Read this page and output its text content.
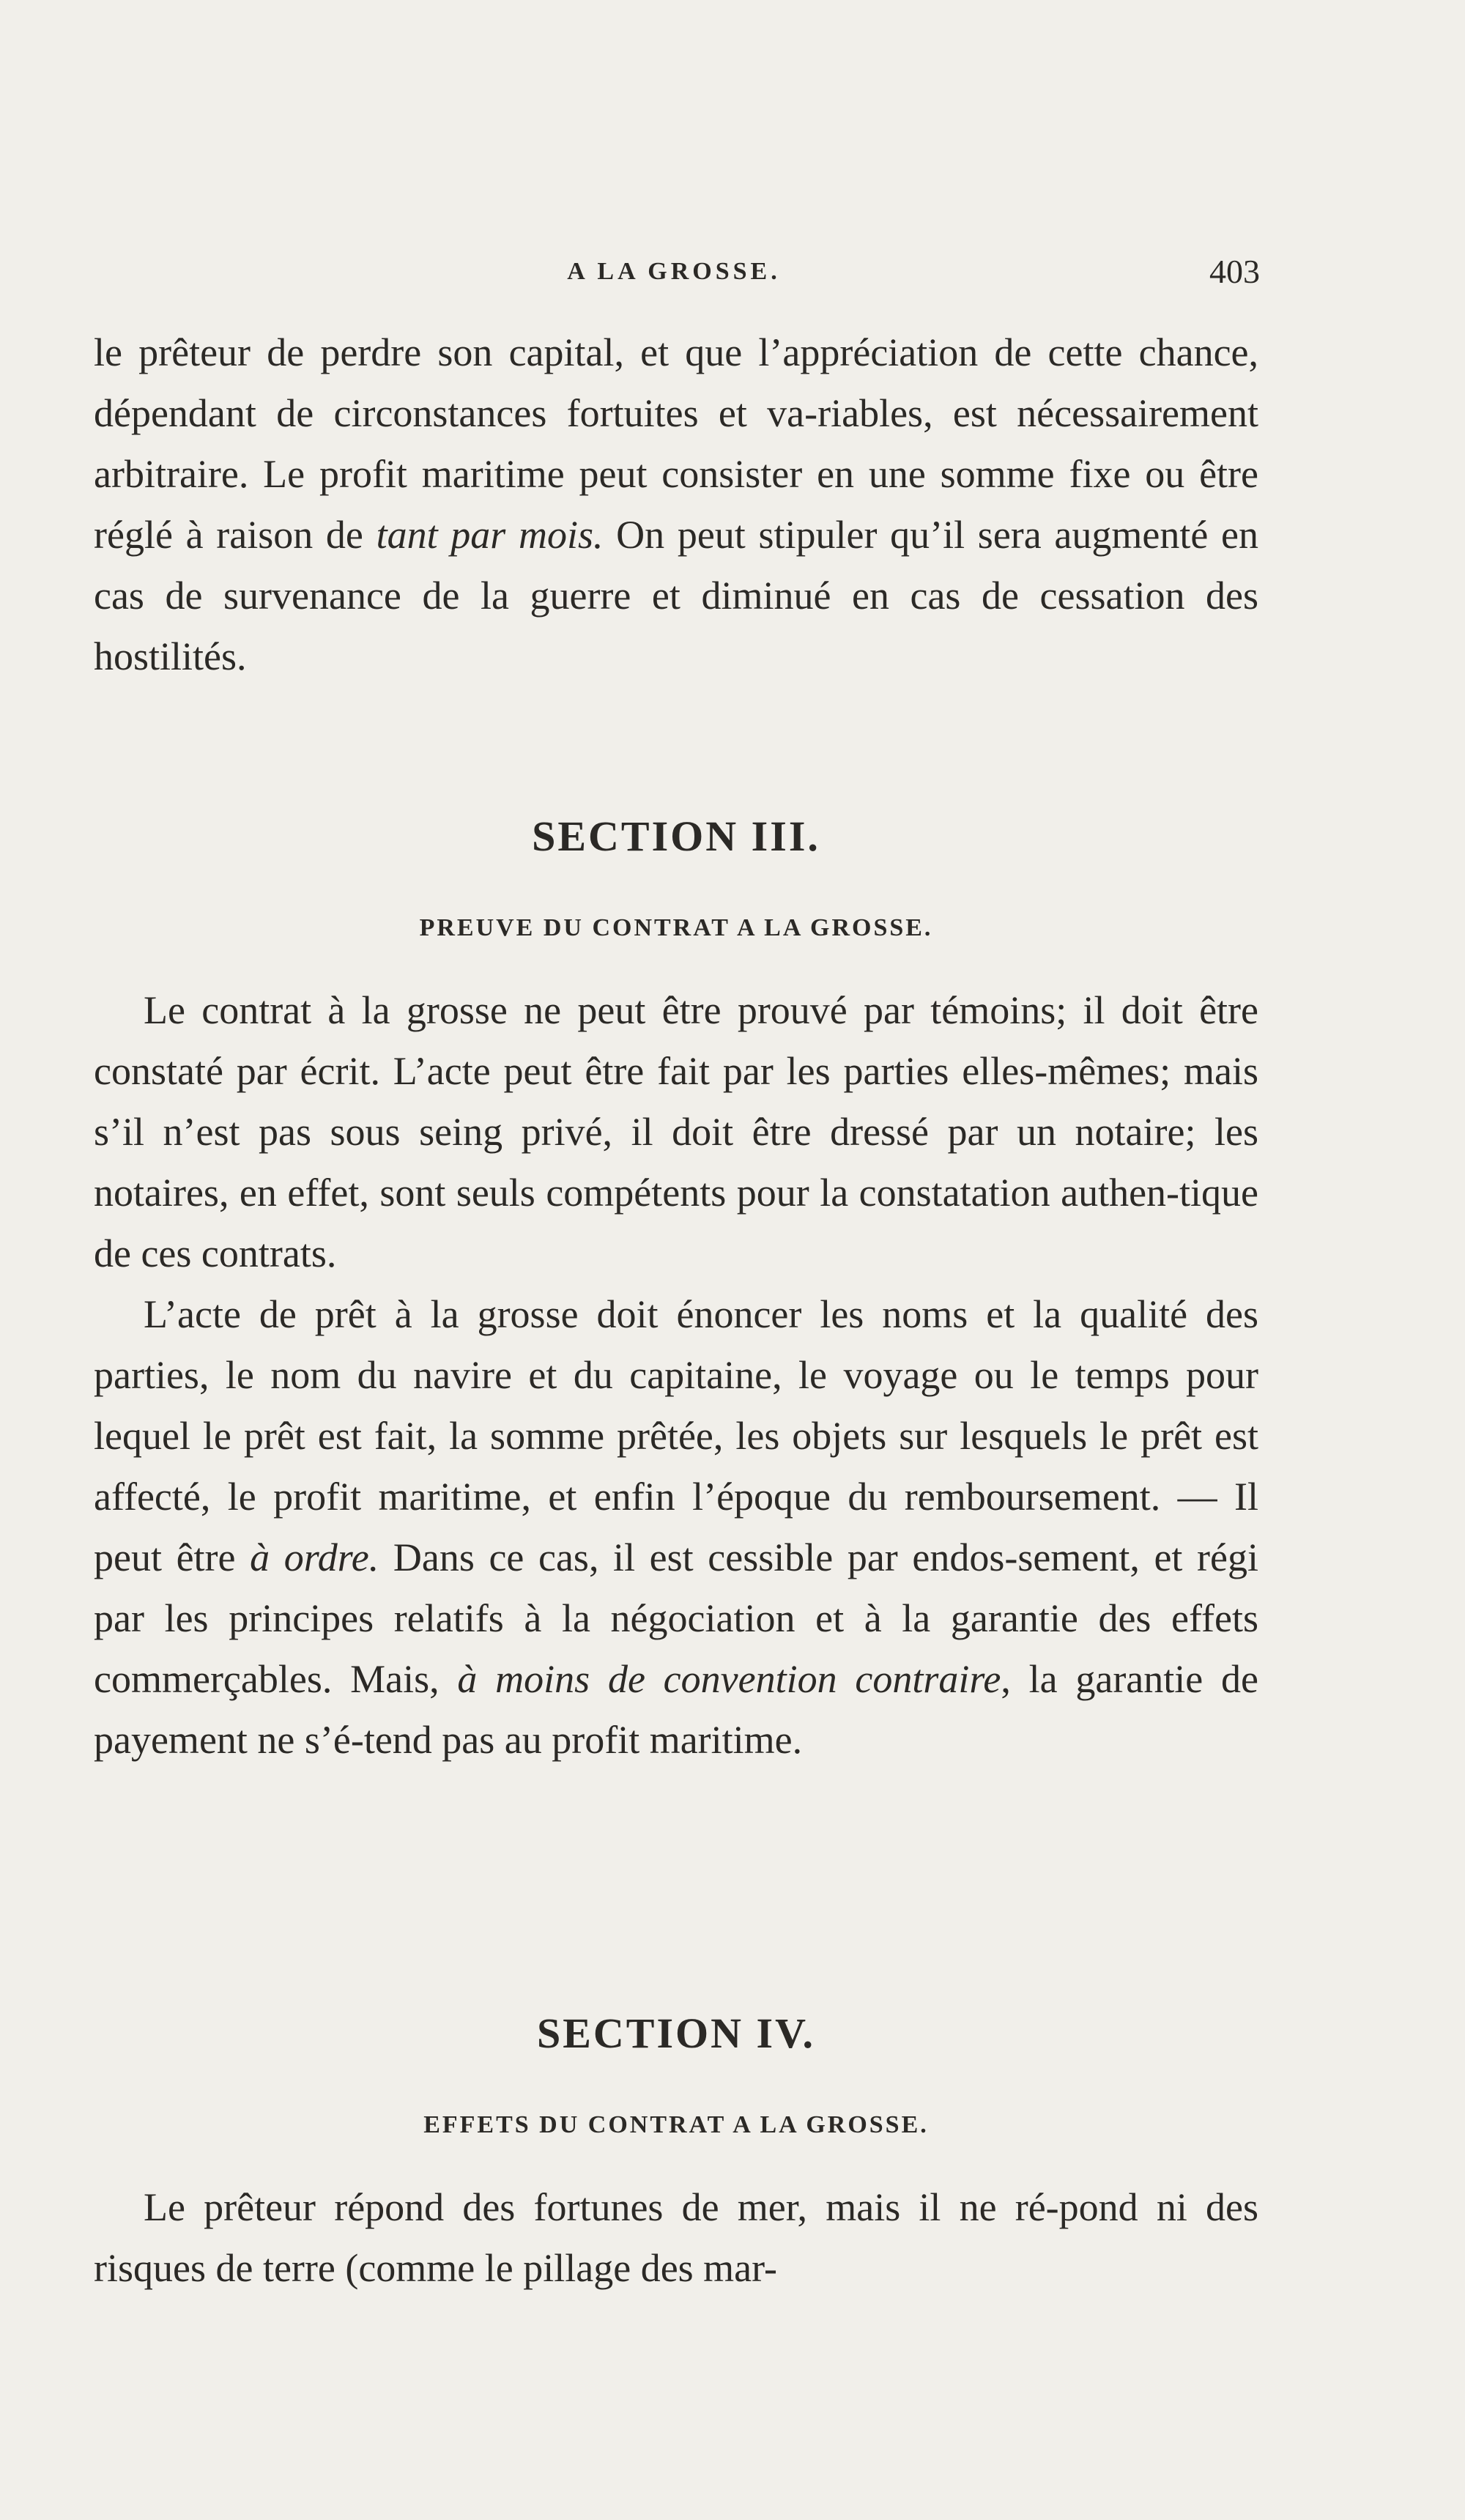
A LA GROSSE.	403

le prêteur de perdre son capital, et que l’appréciation de cette chance, dépendant de circonstances fortuites et va-riables, est nécessairement arbitraire. Le profit maritime peut consister en une somme fixe ou être réglé à raison de tant par mois. On peut stipuler qu’il sera augmenté en cas de survenance de la guerre et diminué en cas de cessation des hostilités.

SECTION III.
PREUVE DU CONTRAT A LA GROSSE.

Le contrat à la grosse ne peut être prouvé par témoins; il doit être constaté par écrit. L’acte peut être fait par les parties elles-mêmes; mais s’il n’est pas sous seing privé, il doit être dressé par un notaire; les notaires, en effet, sont seuls compétents pour la constatation authen-tique de ces contrats.

L’acte de prêt à la grosse doit énoncer les noms et la qualité des parties, le nom du navire et du capitaine, le voyage ou le temps pour lequel le prêt est fait, la somme prêtée, les objets sur lesquels le prêt est affecté, le profit maritime, et enfin l’époque du remboursement. — Il peut être à ordre. Dans ce cas, il est cessible par endos-sement, et régi par les principes relatifs à la négociation et à la garantie des effets commerçables. Mais, à moins de convention contraire, la garantie de payement ne s’é-tend pas au profit maritime.

SECTION IV.
EFFETS DU CONTRAT A LA GROSSE.

Le prêteur répond des fortunes de mer, mais il ne ré-pond ni des risques de terre (comme le pillage des mar-
